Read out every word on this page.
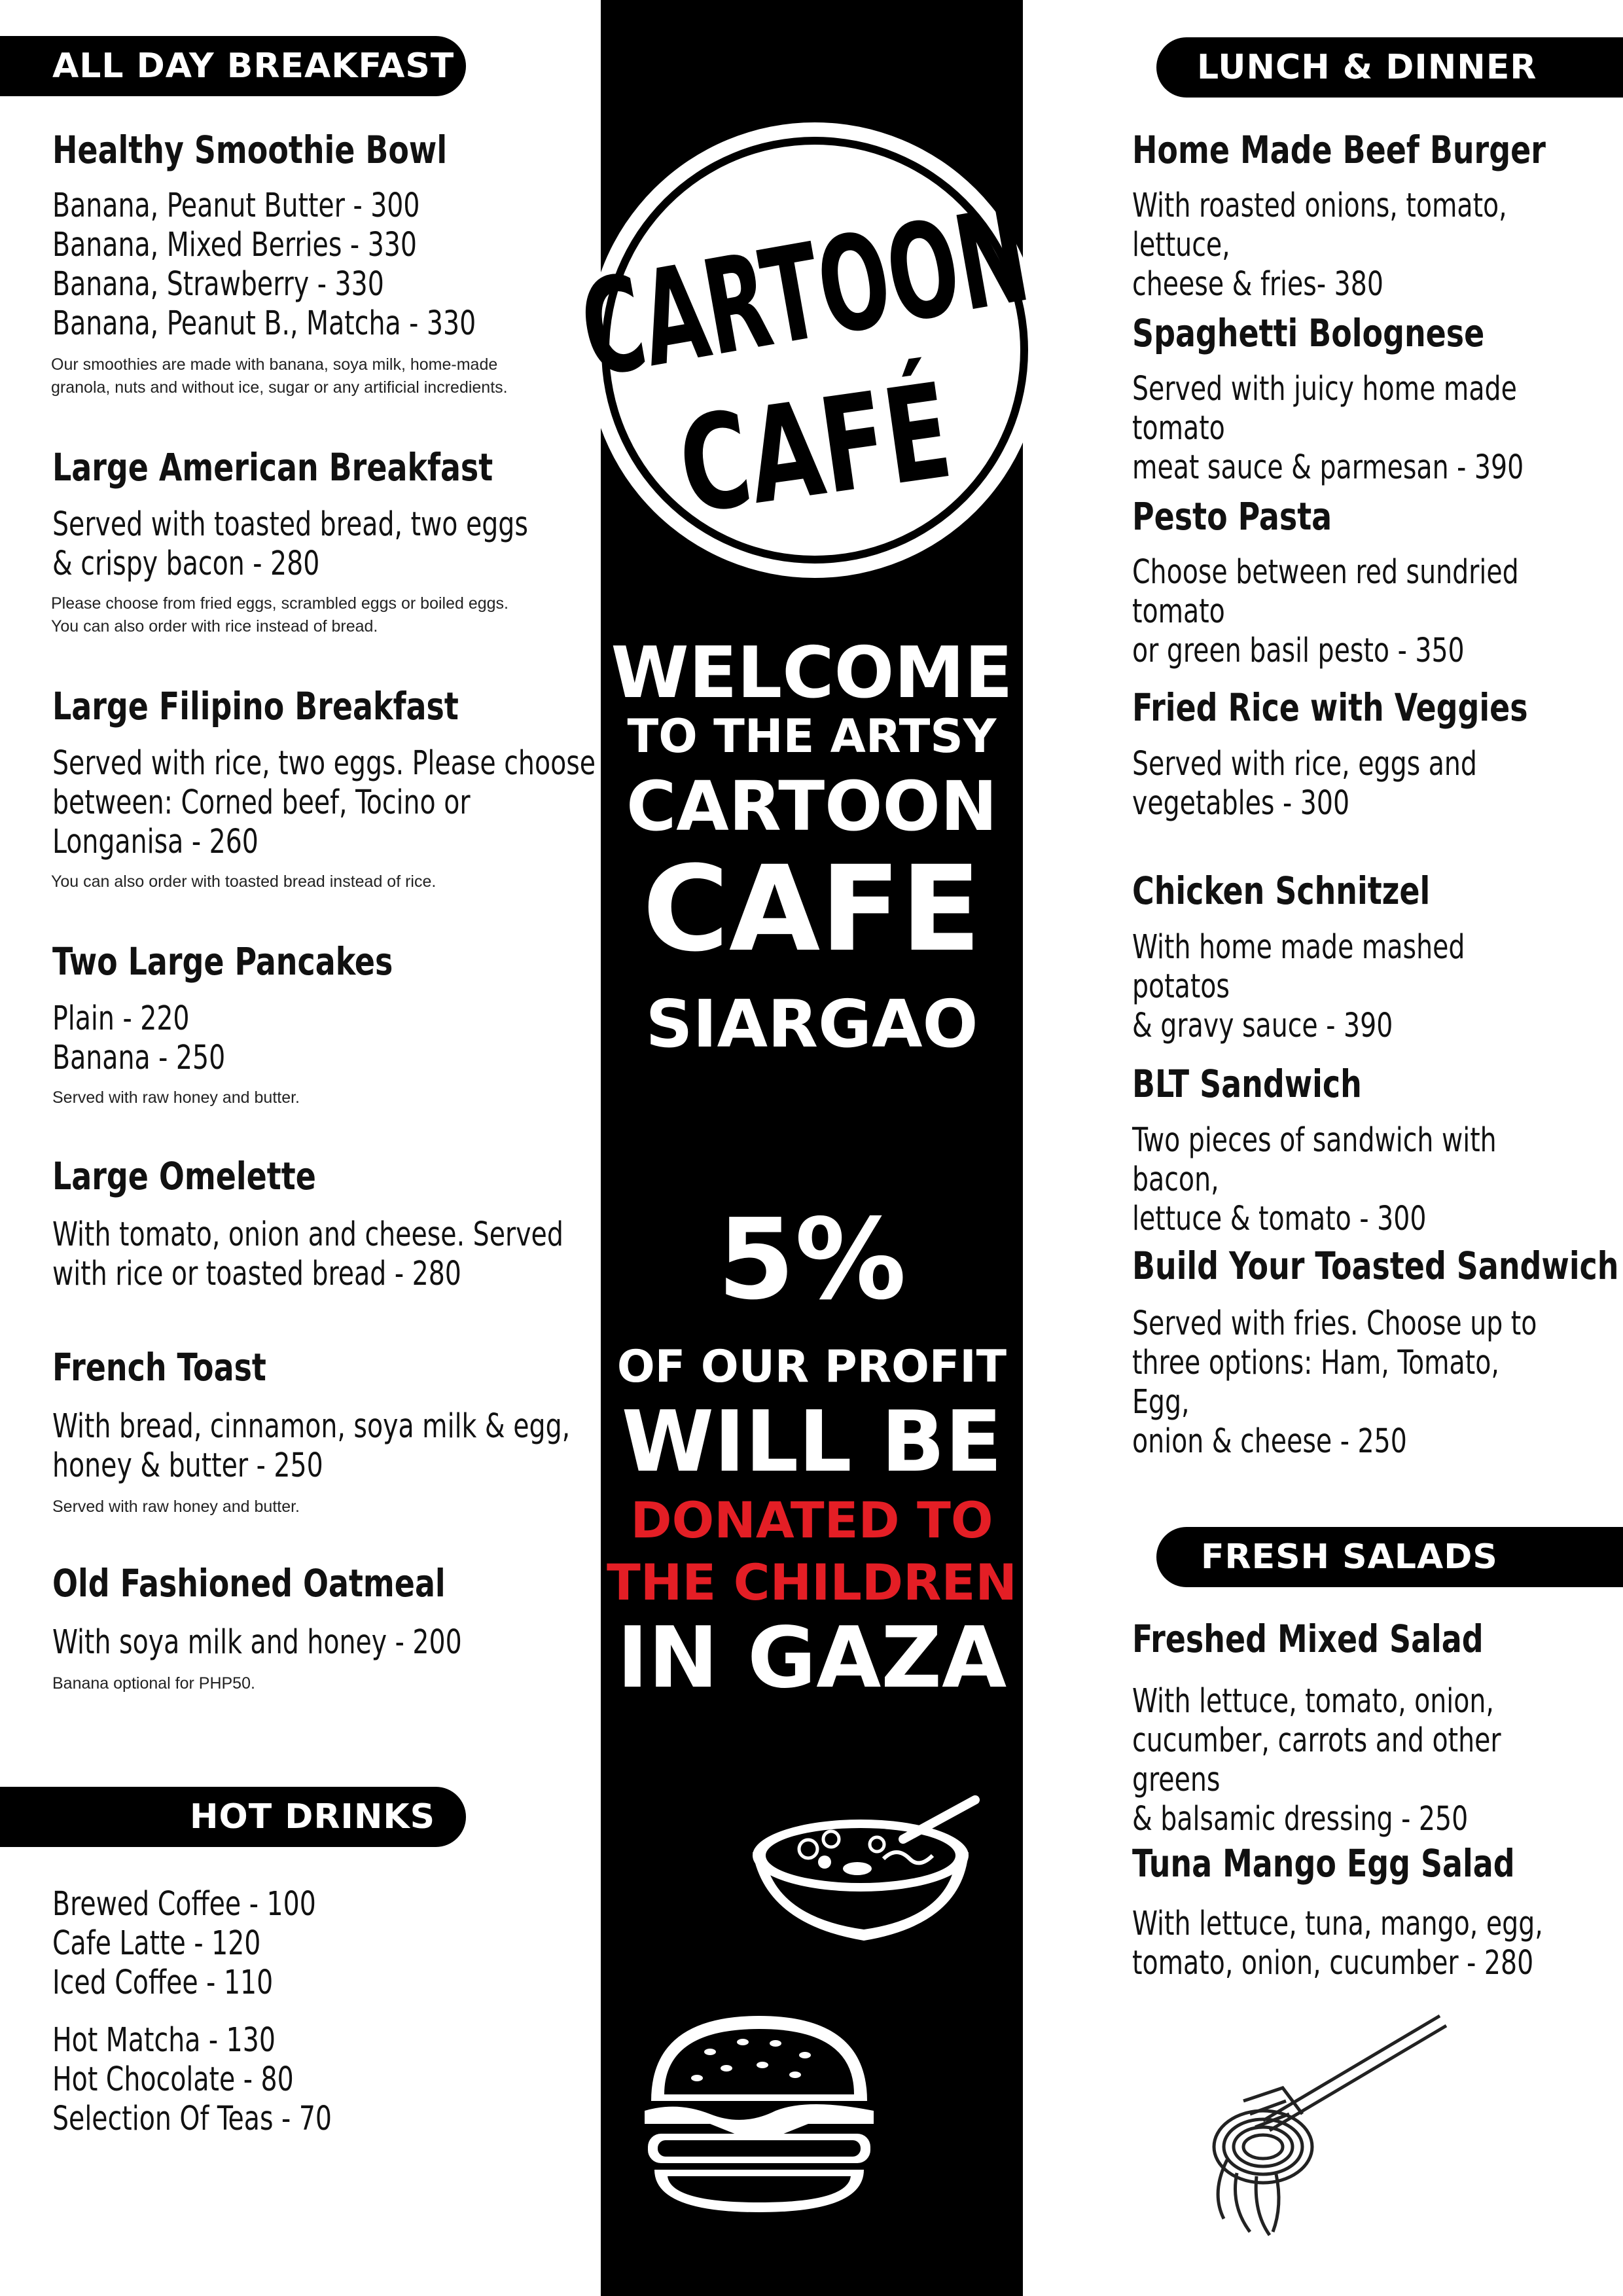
CARTOON
CAFÉ
WELCOME
TO THE ARTSY
CARTOON
CAFE
SIARGAO
5%
OF OUR PROFIT
WILL BE
DONATED TO
THE CHILDREN
IN GAZA
ALL DAY BREAKFAST
Healthy Smoothie Bowl
Banana, Peanut Butter - 300
Banana, Mixed Berries - 330
Banana, Strawberry - 330
Banana, Peanut B., Matcha - 330
Our smoothies are made with banana, soya milk, home-made
granola, nuts and without ice, sugar or any artificial incredients.
Large American Breakfast
Served with toasted bread, two eggs
& crispy bacon - 280
Please choose from fried eggs, scrambled eggs or boiled eggs.
You can also order with rice instead of bread.
Large Filipino Breakfast
Served with rice, two eggs. Please choose
between: Corned beef, Tocino or
Longanisa - 260
You can also order with toasted bread instead of rice.
Two Large Pancakes
Plain - 220
Banana - 250
Served with raw honey and butter.
Large Omelette
With tomato, onion and cheese. Served
with rice or toasted bread - 280
French Toast
With bread, cinnamon, soya milk & egg,
honey & butter - 250
Served with raw honey and butter.
Old Fashioned Oatmeal
With soya milk and honey - 200
Banana optional for PHP50.
HOT DRINKS
Brewed Coffee - 100
Cafe Latte - 120
Iced Coffee - 110
Hot Matcha - 130
Hot Chocolate - 80
Selection Of Teas - 70
LUNCH & DINNER
Home Made Beef Burger
With roasted onions, tomato, lettuce,
cheese & fries- 380
Spaghetti Bolognese
Served with juicy home made tomato
meat sauce & parmesan - 390
Pesto Pasta
Choose between red sundried tomato
or green basil pesto - 350
Fried Rice with Veggies
Served with rice, eggs and
vegetables - 300
Chicken Schnitzel
With home made mashed potatos
& gravy sauce - 390
BLT Sandwich
Two pieces of sandwich with bacon,
lettuce & tomato - 300
Build Your Toasted Sandwich
Served with fries. Choose up to
three options: Ham, Tomato, Egg,
onion & cheese - 250
FRESH SALADS
Freshed Mixed Salad
With lettuce, tomato, onion,
cucumber, carrots and other greens
& balsamic dressing - 250
Tuna Mango Egg Salad
With lettuce, tuna, mango, egg,
tomato, onion, cucumber - 280
